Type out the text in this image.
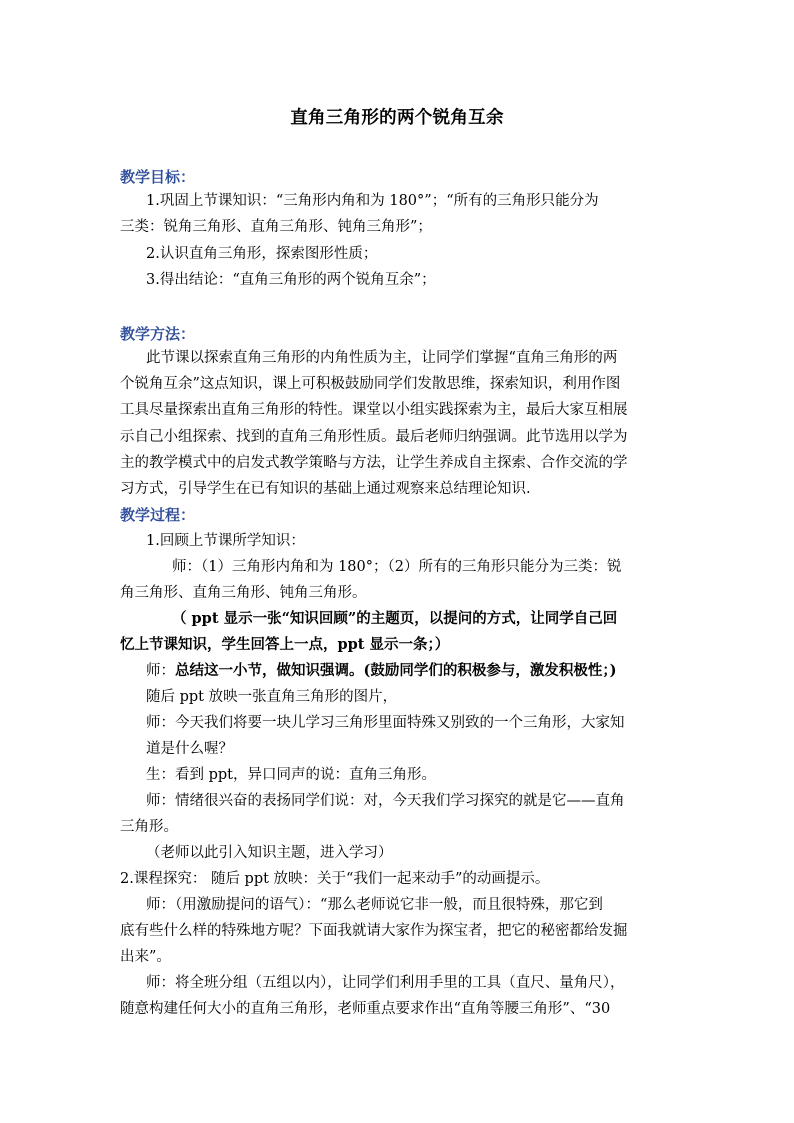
直角三角形的两个锐角互余
教学目标：
1.巩固上节课知识：“三角形内角和为 180°”；“所有的三角形只能分为
三类：锐角三角形、直角三角形、钝角三角形”；
2.认识直角三角形，探索图形性质；
3.得出结论：“直角三角形的两个锐角互余”；
教学方法：
此节课以探索直角三角形的内角性质为主，让同学们掌握“直角三角形的两
个锐角互余”这点知识，课上可积极鼓励同学们发散思维，探索知识，利用作图
工具尽量探索出直角三角形的特性。课堂以小组实践探索为主，最后大家互相展
示自己小组探索、找到的直角三角形性质。最后老师归纳强调。此节选用以学为
主的教学模式中的启发式教学策略与方法，让学生养成自主探索、合作交流的学
习方式，引导学生在已有知识的基础上通过观察来总结理论知识.
教学过程：
1.回顾上节课所学知识：
师：（1）三角形内角和为 180°；（2）所有的三角形只能分为三类：锐
角三角形、直角三角形、钝角三角形。
（ ppt 显示一张“知识回顾”的主题页，以提问的方式，让同学自己回
忆上节课知识，学生回答上一点，ppt 显示一条；）
师：总结这一小节，做知识强调。(鼓励同学们的积极参与，激发积极性；)
随后 ppt 放映一张直角三角形的图片，
师：今天我们将要一块儿学习三角形里面特殊又别致的一个三角形，大家知
道是什么喔？
生：看到 ppt，异口同声的说：直角三角形。
师：情绪很兴奋的表扬同学们说：对，今天我们学习探究的就是它——直角
三角形。
（老师以此引入知识主题，进入学习）
2.课程探究： 随后 ppt 放映：关于“我们一起来动手”的动画提示。
师：（用激励提问的语气）：“那么老师说它非一般，而且很特殊，那它到
底有些什么样的特殊地方呢？下面我就请大家作为探宝者，把它的秘密都给发掘
出来”。
师：将全班分组（五组以内），让同学们利用手里的工具（直尺、量角尺），
随意构建任何大小的直角三角形，老师重点要求作出“直角等腰三角形”、“30
